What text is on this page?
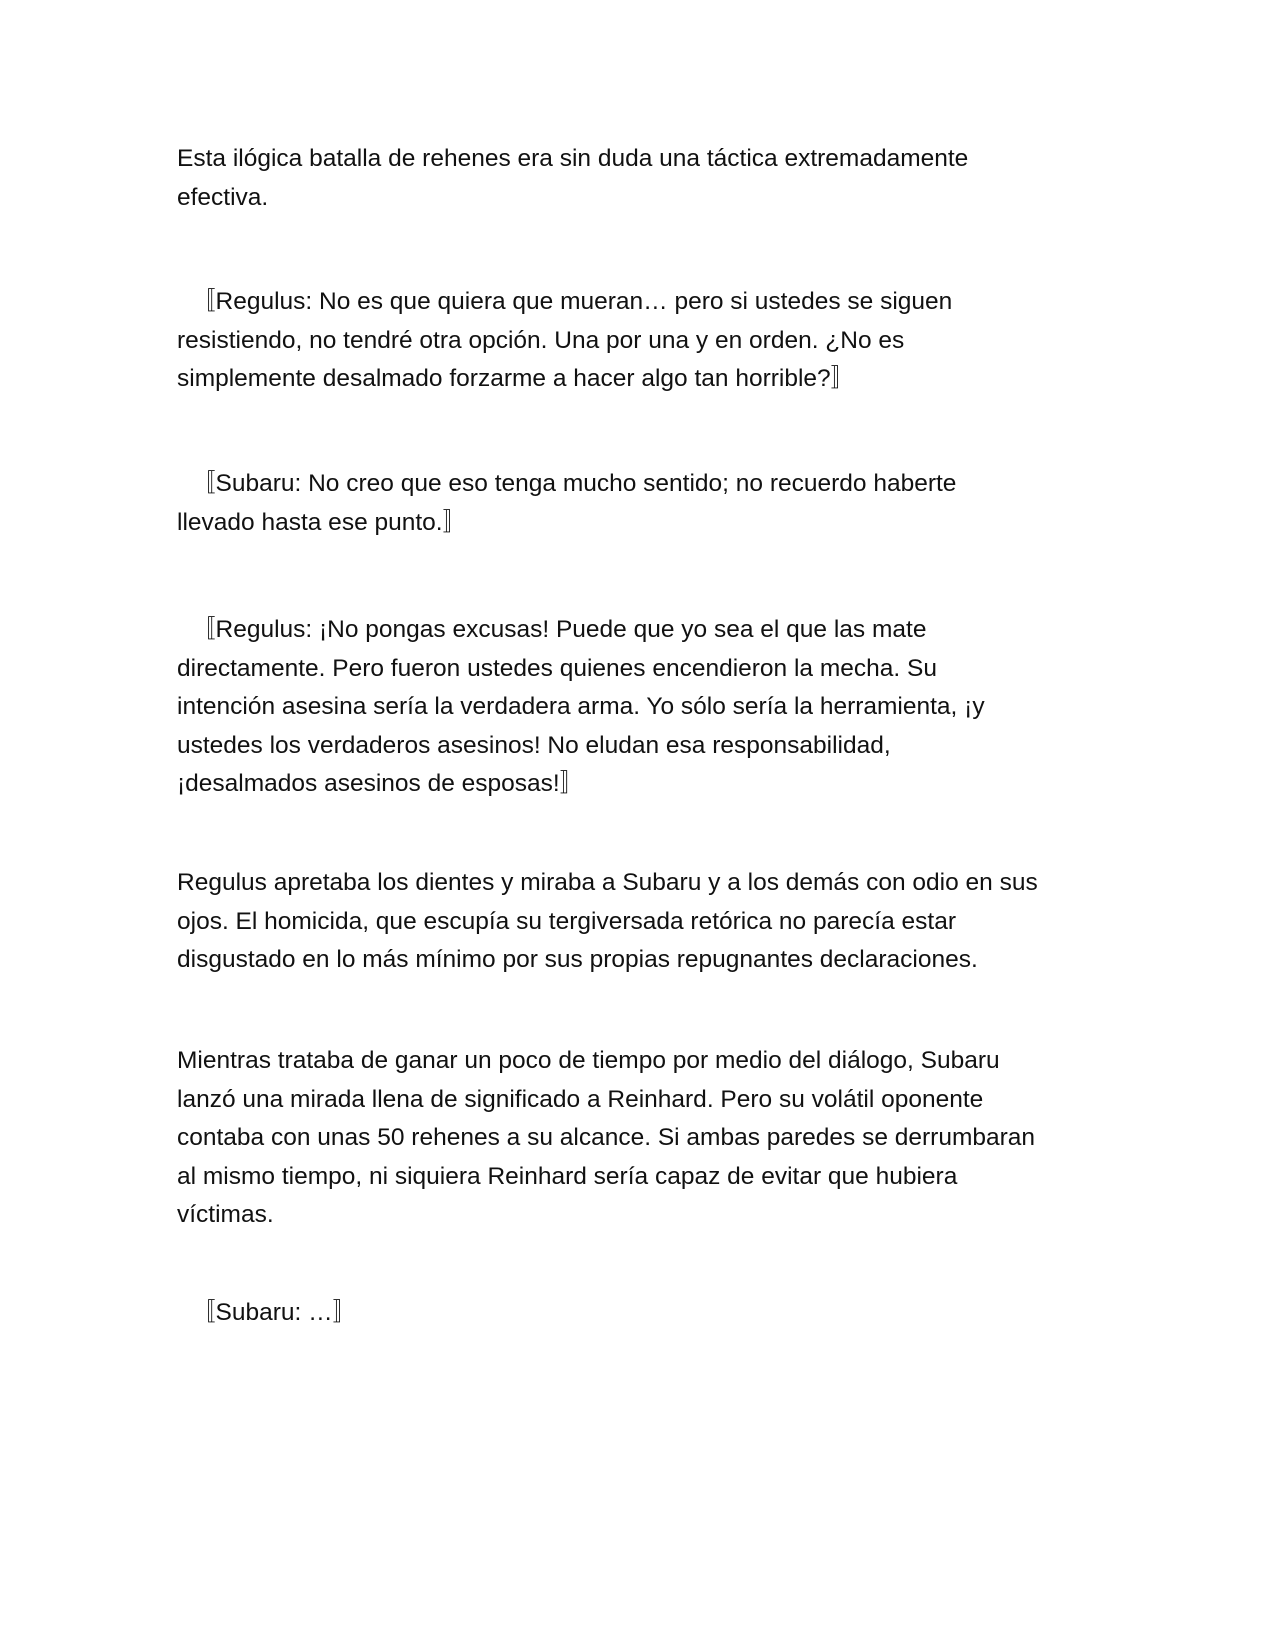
Esta ilógica batalla de rehenes era sin duda una táctica extremadamente
efectiva.

〚Regulus: No es que quiera que mueran… pero si ustedes se siguen
resistiendo, no tendré otra opción. Una por una y en orden. ¿No es
simplemente desalmado forzarme a hacer algo tan horrible?〛

〚Subaru: No creo que eso tenga mucho sentido; no recuerdo haberte
llevado hasta ese punto.〛

〚Regulus: ¡No pongas excusas! Puede que yo sea el que las mate
directamente. Pero fueron ustedes quienes encendieron la mecha. Su
intención asesina sería la verdadera arma. Yo sólo sería la herramienta, ¡y
ustedes los verdaderos asesinos! No eludan esa responsabilidad,
¡desalmados asesinos de esposas!〛

Regulus apretaba los dientes y miraba a Subaru y a los demás con odio en sus
ojos. El homicida, que escupía su tergiversada retórica no parecía estar
disgustado en lo más mínimo por sus propias repugnantes declaraciones.

Mientras trataba de ganar un poco de tiempo por medio del diálogo, Subaru
lanzó una mirada llena de significado a Reinhard. Pero su volátil oponente
contaba con unas 50 rehenes a su alcance. Si ambas paredes se derrumbaran
al mismo tiempo, ni siquiera Reinhard sería capaz de evitar que hubiera
víctimas.

〚Subaru: …〛
